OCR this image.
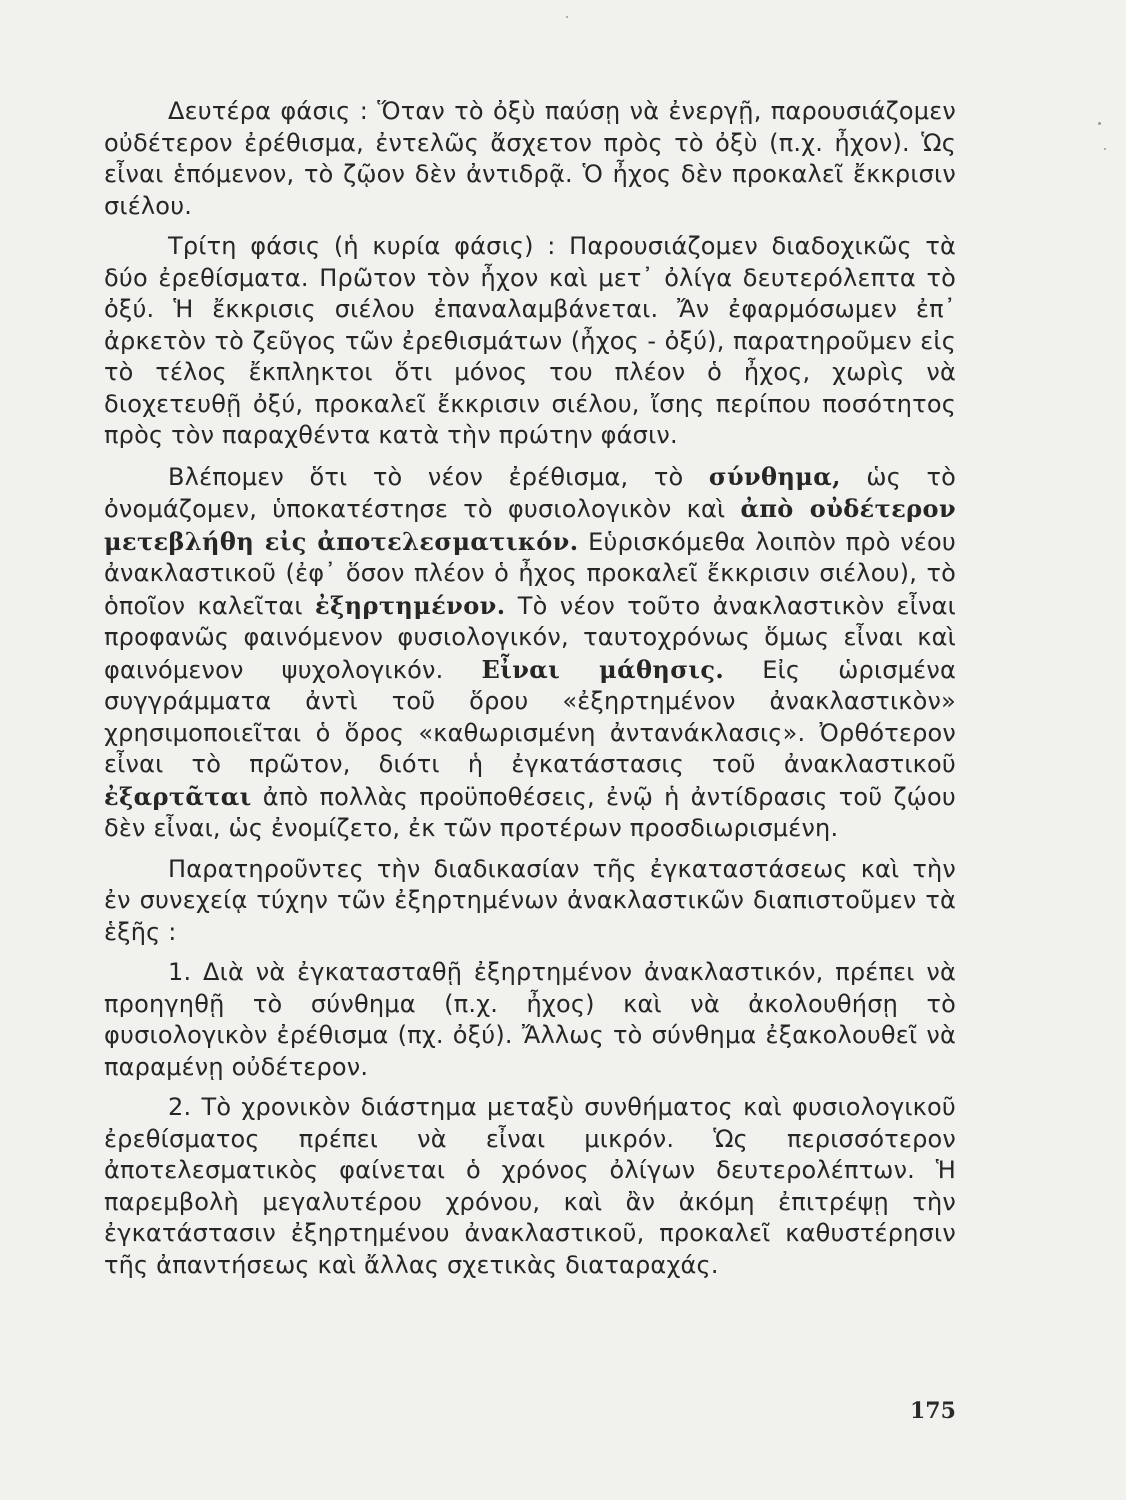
Δευτέρα φάσις : Ὅταν τὸ ὀξὺ παύσῃ νὰ ἐνεργῇ, παρουσιάζομεν οὐδέτερον ἐρέθισμα, ἐντελῶς ἄσχετον πρὸς τὸ ὀξὺ (π.χ. ἦχον). Ὡς εἶναι ἑπόμενον, τὸ ζῷον δὲν ἀντιδρᾷ. Ὁ ἦχος δὲν προκαλεῖ ἔκκρισιν σιέλου.

Τρίτη φάσις (ἡ κυρία φάσις) : Παρουσιάζομεν διαδοχικῶς τὰ δύο ἐρεθίσματα. Πρῶτον τὸν ἦχον καὶ μετ᾽ ὀλίγα δευτερόλεπτα τὸ ὀξύ. Ἡ ἔκκρισις σιέλου ἐπαναλαμβάνεται. Ἄν ἐφαρμόσωμεν ἐπ᾽ ἀρκετὸν τὸ ζεῦγος τῶν ἐρεθισμάτων (ἦχος - ὀξύ), παρατηροῦμεν εἰς τὸ τέλος ἔκπληκτοι ὅτι μόνος του πλέον ὁ ἦχος, χωρὶς νὰ διοχετευθῇ ὀξύ, προκαλεῖ ἔκκρισιν σιέλου, ἴσης περίπου ποσότητος πρὸς τὸν παραχθέντα κατὰ τὴν πρώτην φάσιν.

Βλέπομεν ὅτι τὸ νέον ἐρέθισμα, τὸ σύνθημα, ὡς τὸ ὀνομάζομεν, ὑποκατέστησε τὸ φυσιολογικὸν καὶ ἀπὸ οὐδέτερον μετεβλήθη εἰς ἀποτελεσματικόν. Εὑρισκόμεθα λοιπὸν πρὸ νέου ἀνακλαστικοῦ (ἐφ᾽ ὅσον πλέον ὁ ἦχος προκαλεῖ ἔκκρισιν σιέλου), τὸ ὁποῖον καλεῖται ἐξηρτημένον. Τὸ νέον τοῦτο ἀνακλαστικὸν εἶναι προφανῶς φαινόμενον φυσιολογικόν, ταυτοχρόνως ὅμως εἶναι καὶ φαινόμενον ψυχολογικόν. Εἶναι μάθησις. Εἰς ὡρισμένα συγγράμματα ἀντὶ τοῦ ὅρου «ἐξηρτημένον ἀνακλαστικὸν» χρησιμοποιεῖται ὁ ὅρος «καθωρισμένη ἀντανάκλασις». Ὀρθότερον εἶναι τὸ πρῶτον, διότι ἡ ἐγκατάστασις τοῦ ἀνακλαστικοῦ ἐξαρτᾶται ἀπὸ πολλὰς προϋποθέσεις, ἐνῷ ἡ ἀντίδρασις τοῦ ζῴου δὲν εἶναι, ὡς ἐνομίζετο, ἐκ τῶν προτέρων προσδιωρισμένη.

Παρατηροῦντες τὴν διαδικασίαν τῆς ἐγκαταστάσεως καὶ τὴν ἐν συνεχείᾳ τύχην τῶν ἐξηρτημένων ἀνακλαστικῶν διαπιστοῦμεν τὰ ἑξῆς :

1. Διὰ νὰ ἐγκατασταθῇ ἐξηρτημένον ἀνακλαστικόν, πρέπει νὰ προηγηθῇ τὸ σύνθημα (π.χ. ἦχος) καὶ νὰ ἀκολουθήσῃ τὸ φυσιολογικὸν ἐρέθισμα (πχ. ὀξύ). Ἄλλως τὸ σύνθημα ἐξακολουθεῖ νὰ παραμένῃ οὐδέτερον.

2. Τὸ χρονικὸν διάστημα μεταξὺ συνθήματος καὶ φυσιολογικοῦ ἐρεθίσματος πρέπει νὰ εἶναι μικρόν. Ὡς περισσότερον ἀποτελεσματικὸς φαίνεται ὁ χρόνος ὀλίγων δευτερολέπτων. Ἡ παρεμβολὴ μεγαλυτέρου χρόνου, καὶ ἂν ἀκόμη ἐπιτρέψῃ τὴν ἐγκατάστασιν ἐξηρτημένου ἀνακλαστικοῦ, προκαλεῖ καθυστέρησιν τῆς ἀπαντήσεως καὶ ἄλλας σχετικὰς διαταραχάς.

175
